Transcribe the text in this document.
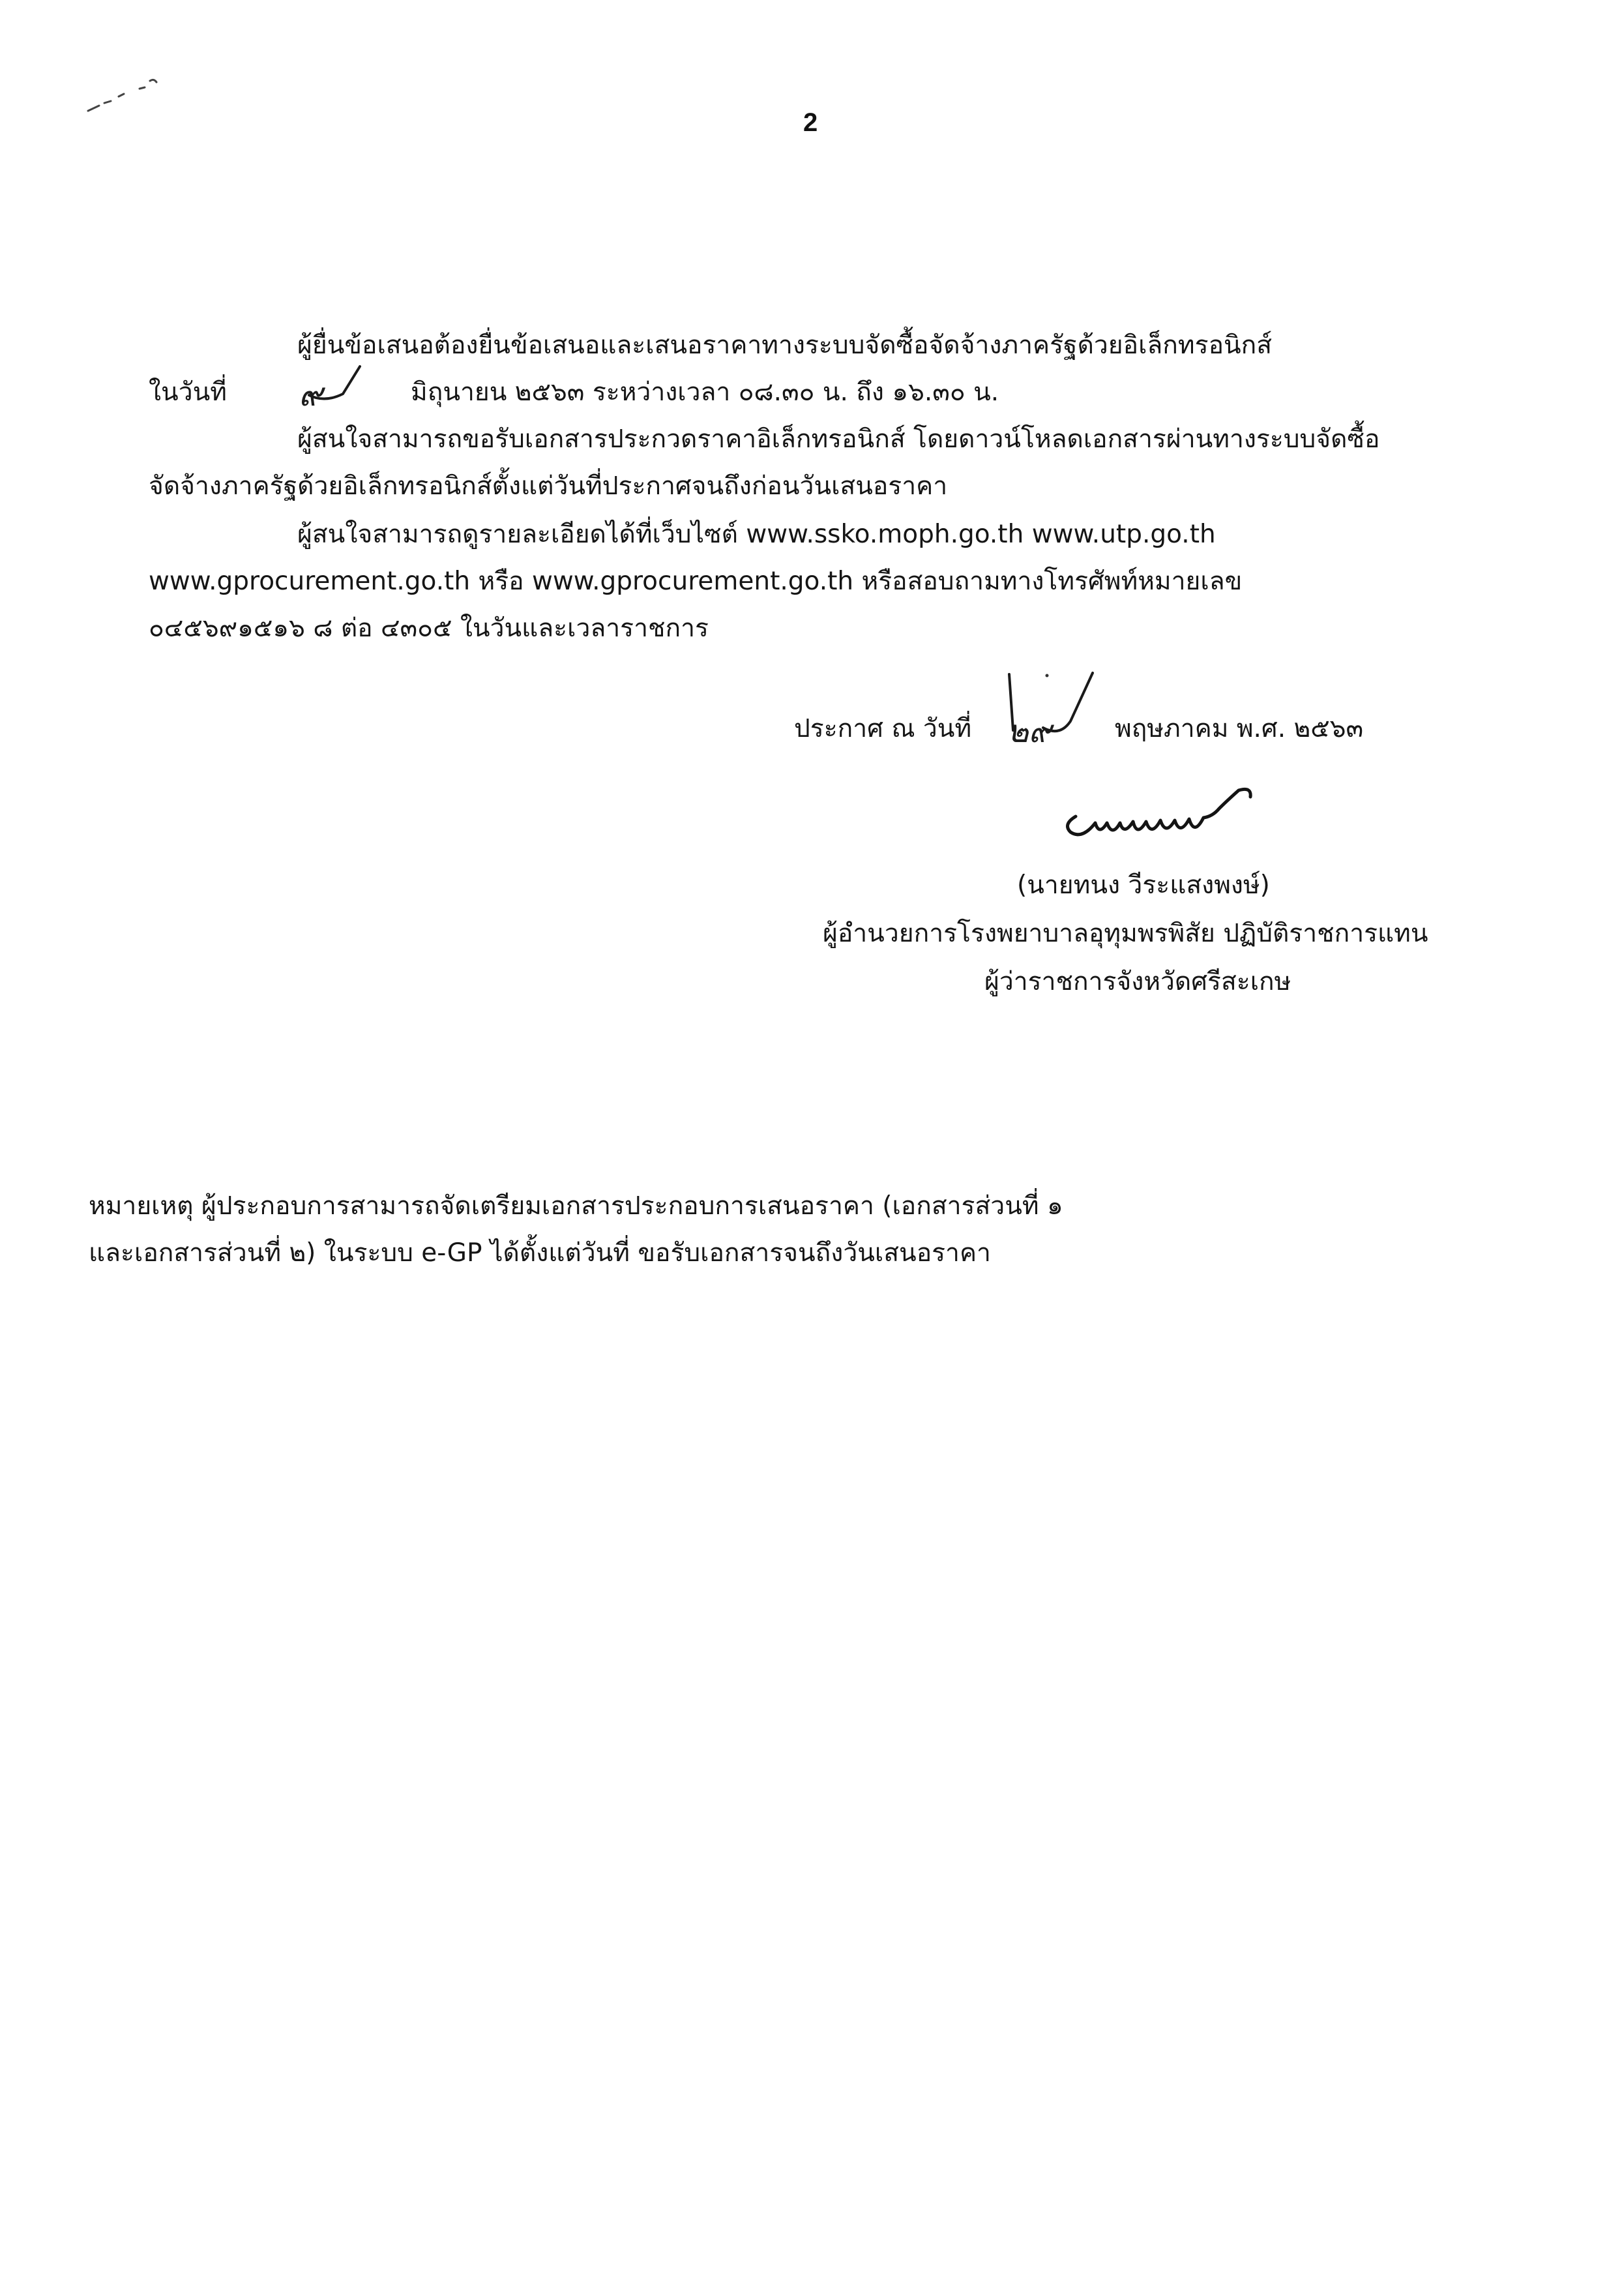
2
ผู้ยื่นข้อเสนอต้องยื่นข้อเสนอและเสนอราคาทางระบบจัดซื้อจัดจ้างภาครัฐด้วยอิเล็กทรอนิกส์
ในวันที่ ๙	มิถุนายน ๒๕๖๓ ระหว่างเวลา ๐๘.๓๐ น. ถึง ๑๖.๓๐ น.
ผู้สนใจสามารถขอรับเอกสารประกวดราคาอิเล็กทรอนิกส์ โดยดาวน์โหลดเอกสารผ่านทางระบบจัดซื้อ
จัดจ้างภาครัฐด้วยอิเล็กทรอนิกส์ตั้งแต่วันที่ประกาศจนถึงก่อนวันเสนอราคา
ผู้สนใจสามารถดูรายละเอียดได้ที่เว็บไซต์ www.ssko.moph.go.th www.utp.go.th
www.gprocurement.go.th หรือ www.gprocurement.go.th หรือสอบถามทางโทรศัพท์หมายเลข
๐๔๕๖๙๑๕๑๖ ๘ ต่อ ๔๓๐๕ ในวันและเวลาราชการ
ประกาศ ณ วันที่ ๒๙ พฤษภาคม พ.ศ. ๒๕๖๓
(นายทนง วีระแสงพงษ์)
ผู้อำนวยการโรงพยาบาลอุทุมพรพิสัย ปฏิบัติราชการแทน
ผู้ว่าราชการจังหวัดศรีสะเกษ
หมายเหตุ ผู้ประกอบการสามารถจัดเตรียมเอกสารประกอบการเสนอราคา (เอกสารส่วนที่ ๑
และเอกสารส่วนที่ ๒) ในระบบ e-GP ได้ตั้งแต่วันที่ ขอรับเอกสารจนถึงวันเสนอราคา
